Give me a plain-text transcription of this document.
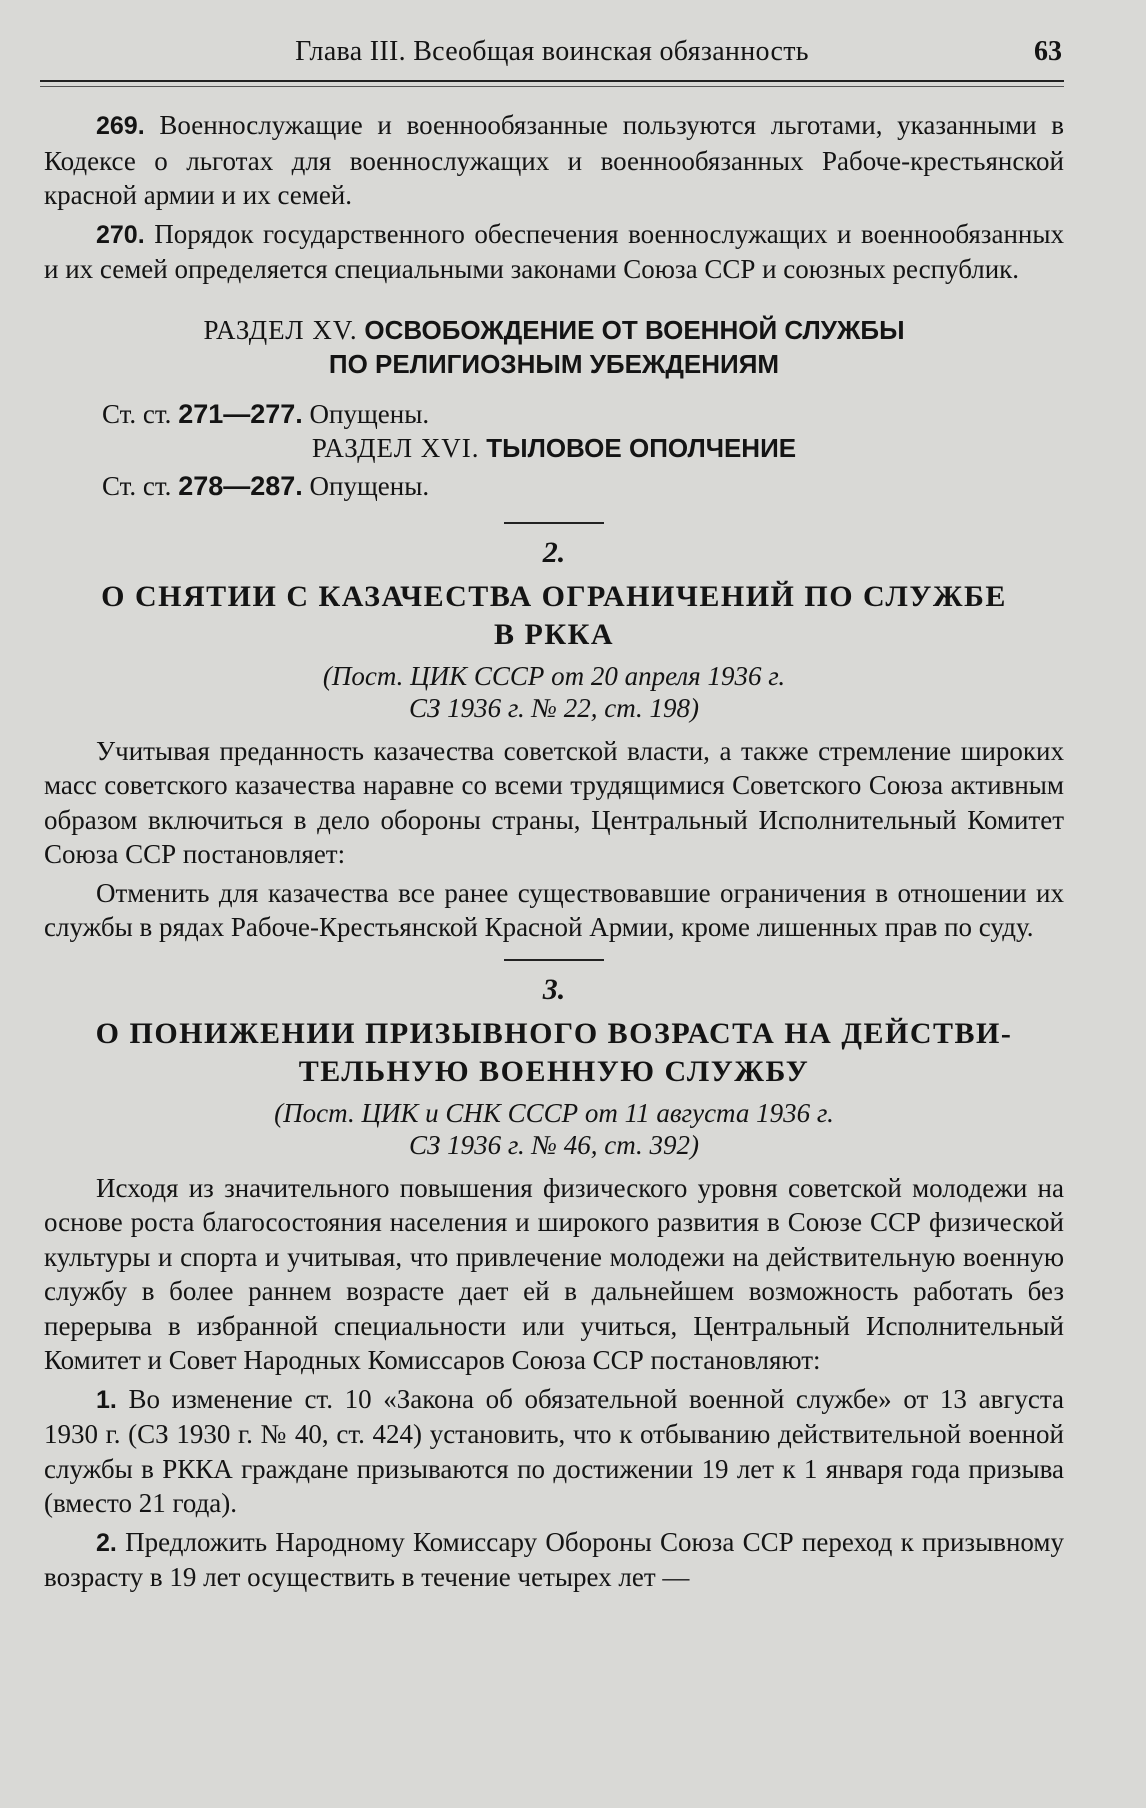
Глава III. Всеобщая воинская обязанность	63

269. Военнослужащие и военнообязанные пользуются льготами, указанными в Кодексе о льготах для военнослужащих и военнообязанных Рабоче-крестьянской красной армии и их семей.

270. Порядок государственного обеспечения военнослужащих и военнообязанных и их семей определяется специальными законами Союза ССР и союзных республик.

РАЗДЕЛ XV. ОСВОБОЖДЕНИЕ ОТ ВОЕННОЙ СЛУЖБЫ
ПО РЕЛИГИОЗНЫМ УБЕЖДЕНИЯМ

Ст. ст. 271—277. Опущены.

РАЗДЕЛ XVI. ТЫЛОВОЕ ОПОЛЧЕНИЕ

Ст. ст. 278—287. Опущены.

2.
О СНЯТИИ С КАЗАЧЕСТВА ОГРАНИЧЕНИЙ ПО СЛУЖБЕ
В РККА
(Пост. ЦИК СССР от 20 апреля 1936 г.
СЗ 1936 г. № 22, ст. 198)

Учитывая преданность казачества советской власти, а также стремление широких масс советского казачества наравне со всеми трудящимися Советского Союза активным образом включиться в дело обороны страны, Центральный Исполнительный Комитет Союза ССР постановляет:

Отменить для казачества все ранее существовавшие ограничения в отношении их службы в рядах Рабоче-Крестьянской Красной Армии, кроме лишенных прав по суду.

3.
О ПОНИЖЕНИИ ПРИЗЫВНОГО ВОЗРАСТА НА ДЕЙСТВИ-
ТЕЛЬНУЮ ВОЕННУЮ СЛУЖБУ
(Пост. ЦИК и СНК СССР от 11 августа 1936 г.
СЗ 1936 г. № 46, ст. 392)

Исходя из значительного повышения физического уровня советской молодежи на основе роста благосостояния населения и широкого развития в Союзе ССР физической культуры и спорта и учитывая, что привлечение молодежи на действительную военную службу в более раннем возрасте дает ей в дальнейшем возможность работать без перерыва в избранной специальности или учиться, Центральный Исполнительный Комитет и Совет Народных Комиссаров Союза ССР постановляют:

1. Во изменение ст. 10 «Закона об обязательной военной службе» от 13 августа 1930 г. (СЗ 1930 г. № 40, ст. 424) установить, что к отбыванию действительной военной службы в РККА граждане призываются по достижении 19 лет к 1 января года призыва (вместо 21 года).

2. Предложить Народному Комиссару Обороны Союза ССР переход к призывному возрасту в 19 лет осуществить в течение четырех лет —
